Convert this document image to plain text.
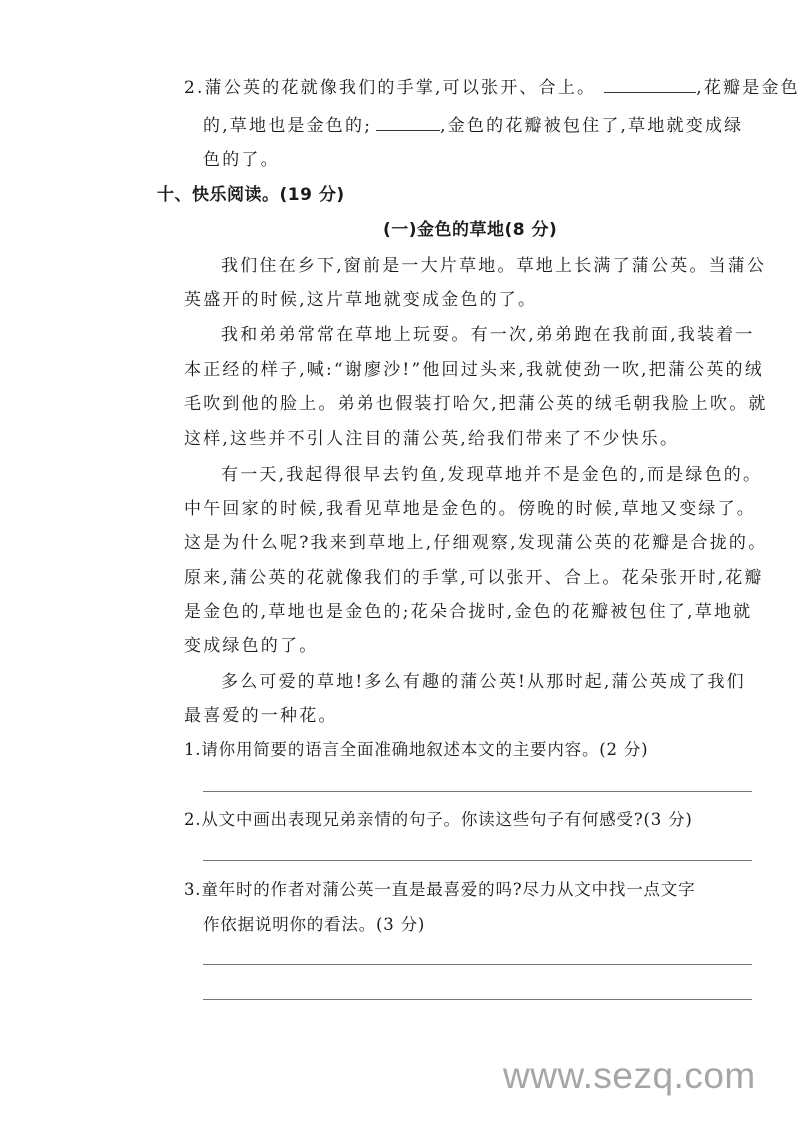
2.蒲公英的花就像我们的手掌,可以张开、合上。	,花瓣是金色
的,草地也是金色的;	,金色的花瓣被包住了,草地就变成绿
色的了。
十、快乐阅读。(19 分)
(一)金色的草地(8 分)
我们住在乡下,窗前是一大片草地。草地上长满了蒲公英。当蒲公
英盛开的时候,这片草地就变成金色的了。
我和弟弟常常在草地上玩耍。有一次,弟弟跑在我前面,我装着一
本正经的样子,喊:“谢廖沙!”他回过头来,我就使劲一吹,把蒲公英的绒
毛吹到他的脸上。弟弟也假装打哈欠,把蒲公英的绒毛朝我脸上吹。就
这样,这些并不引人注目的蒲公英,给我们带来了不少快乐。
有一天,我起得很早去钓鱼,发现草地并不是金色的,而是绿色的。
中午回家的时候,我看见草地是金色的。傍晚的时候,草地又变绿了。
这是为什么呢?我来到草地上,仔细观察,发现蒲公英的花瓣是合拢的。
原来,蒲公英的花就像我们的手掌,可以张开、合上。花朵张开时,花瓣
是金色的,草地也是金色的;花朵合拢时,金色的花瓣被包住了,草地就
变成绿色的了。
多么可爱的草地!多么有趣的蒲公英!从那时起,蒲公英成了我们
最喜爱的一种花。
1.请你用简要的语言全面准确地叙述本文的主要内容。(2 分)
2.从文中画出表现兄弟亲情的句子。你读这些句子有何感受?(3 分)
3.童年时的作者对蒲公英一直是最喜爱的吗?尽力从文中找一点文字
作依据说明你的看法。(3 分)
www.sezq.com
